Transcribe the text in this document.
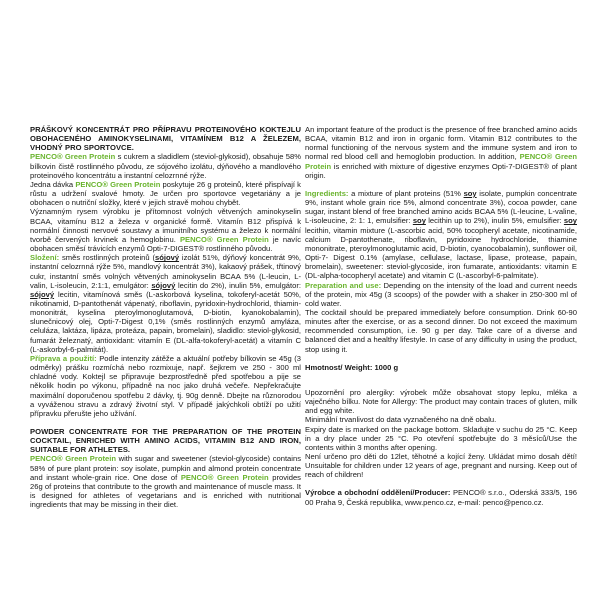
PRÁŠKOVÝ KONCENTRÁT PRO PŘÍPRAVU PROTEINOVÉHO KOKTEJLU OBOHACENÉHO AMINOKYSELINAMI, VITAMÍNEM B12 A ŽELEZEM, VHODNÝ PRO SPORTOVCE.

PENCO® Green Protein s cukrem a sladidlem (steviol-glykosid), obsahuje 58% bílkovin čistě rostlinného původu, ze sójového izolátu, dýňového a mandlového proteinového koncentrátu a instantní celozrnné rýže.

Jedna dávka PENCO® Green Protein poskytuje 26 g proteinů, které přispívají k růstu a udržení svalové hmoty. Je určen pro sportovce vegetariány a je obohacen o nutriční složky, které v jejich stravě mohou chybět.

Významným rysem výrobku je přítomnost volných větvených aminokyselin BCAA, vitamínu B12 a železa v organické formě. Vitamín B12 přispívá k normální činnosti nervové soustavy a imunitního systému a železo k normální tvorbě červených krvinek a hemoglobinu. PENCO® Green Protein je navíc obohacen směsí trávicích enzymů Opti-7-DIGEST® rostlinného původu.

Složení: směs rostlinných proteinů (sójový izolát 51%, dýňový koncentrát 9%, instantní celozrnná rýže 5%, mandlový koncentrát 3%), kakaový prášek, třtinový cukr, instantní směs volných větvených aminokyselin BCAA 5% (L-leucin, L-valin, L-isoleucin, 2:1:1, emulgátor: sójový lecitin do 2%), inulin 5%, emulgátor: sójový lecitin, vitamínová směs (L-askorbová kyselina, tokoferyl-acetát 50%, nikotinamid, D-pantothenát vápenatý, riboflavin, pyridoxin-hydrochlorid, thiamin-mononitrát, kyselina pteroylmonoglutamová, D-biotin, kyanokobalamin), slunečnicový olej, Opti-7-Digest 0,1% (směs rostlinných enzymů amyláza, celuláza, laktáza, lipáza, proteáza, papain, bromelain), sladidlo: steviol-glykosid, fumarát železnatý, antioxidant: vitamín E (DL-alfa-tokoferyl-acetát) a vitamín C (L-askorbyl-6-palmitát).

Příprava a použití: Podle intenzity zátěže a aktuální potřeby bílkovin se 45g (3 odměrky) prášku rozmíchá nebo rozmixuje, např. šejkrem ve 250 - 300 ml chladné vody. Koktejl se připravuje bezprostředně před spotřebou a pije se několik hodin po výkonu, případně na noc jako druhá večeře. Nepřekračujte maximální doporučenou spotřebu 2 dávky, tj. 90g denně. Dbejte na různorodou a vyváženou stravu a zdravý životní styl. V případě jakýchkoli obtíží po užití přípravku přerušte jeho užívání.

POWDER CONCENTRATE FOR THE PREPARATION OF THE PROTEIN COCKTAIL, ENRICHED WITH AMINO ACIDS, VITAMIN B12 AND IRON, SUITABLE FOR ATHLETES.

PENCO® Green Protein with sugar and sweetener (steviol-glycoside) contains 58% of pure plant protein: soy isolate, pumpkin and almond protein concentrate and instant whole-grain rice. One dose of PENCO® Green Protein provides 26g of proteins that contribute to the growth and maintenance of muscle mass. It is designed for athletes of vegetarians and is enriched with nutritional ingredients that may be missing in their diet.

An important feature of the product is the presence of free branched amino acids BCAA, vitamin B12 and iron in organic form. Vitamin B12 contributes to the normal functioning of the nervous system and the immune system and iron to normal red blood cell and hemoglobin production. In addition, PENCO® Green Protein is enriched with mixture of digestive enzymes Opti-7-DIGEST® of plant origin.

Ingredients: a mixture of plant proteins (51% soy isolate, pumpkin concentrate 9%, instant whole grain rice 5%, almond concentrate 3%), cocoa powder, cane sugar, instant blend of free branched amino acids BCAA 5% (L-leucine, L-valine, L-isoleucine, 2: 1: 1, emulsifier: soy lecithin up to 2%), inulin 5%, emulsifier: soy lecithin, vitamin mixture (L-ascorbic acid, 50% tocopheryl acetate, nicotinamide, calcium D-pantothenate, riboflavin, pyridoxine hydrochloride, thiamine mononitrate, pteroylmonoglutamic acid, D-biotin, cyanocobalamin), sunflower oil, Opti-7- Digest 0.1% (amylase, cellulase, lactase, lipase, protease, papain, bromelain), sweetener: steviol-glycoside, iron fumarate, antioxidants: vitamin E (DL-alpha-tocopheryl acetate) and vitamin C (L-ascorbyl-6-palmitate).

Preparation and use: Depending on the intensity of the load and current needs of the protein, mix 45g (3 scoops) of the powder with a shaker in 250-300 ml of cold water.

The cocktail should be prepared immediately before consumption. Drink 60-90 minutes after the exercise, or as a second dinner. Do not exceed the maximum recommended consumption, i.e. 90 g per day. Take care of a diverse and balanced diet and a healthy lifestyle. In case of any difficulty in using the product, stop using it.

Hmotnost/ Weight: 1000 g

Upozornění pro alergiky: výrobek může obsahovat stopy lepku, mléka a vaječného bílku. Note for Allergy: The product may contain traces of gluten, milk and egg white.

Minimální trvanlivost do data vyznačeného na dně obalu.

Expiry date is marked on the package bottom. Skladujte v suchu do 25 °C. Keep in a dry place under 25 °C. Po otevření spotřebujte do 3 měsíců/Use the contents within 3 months after opening.

Není určeno pro děti do 12let, těhotné a kojící ženy. Ukládat mimo dosah dětí! Unsuitable for children under 12 years of age, pregnant and nursing. Keep out of reach of children!

Výrobce a obchodní oddělení/Producer: PENCO® s.r.o., Oderská 333/5, 196 00 Praha 9, Česká republika, www.penco.cz, e-mail: penco@penco.cz.
